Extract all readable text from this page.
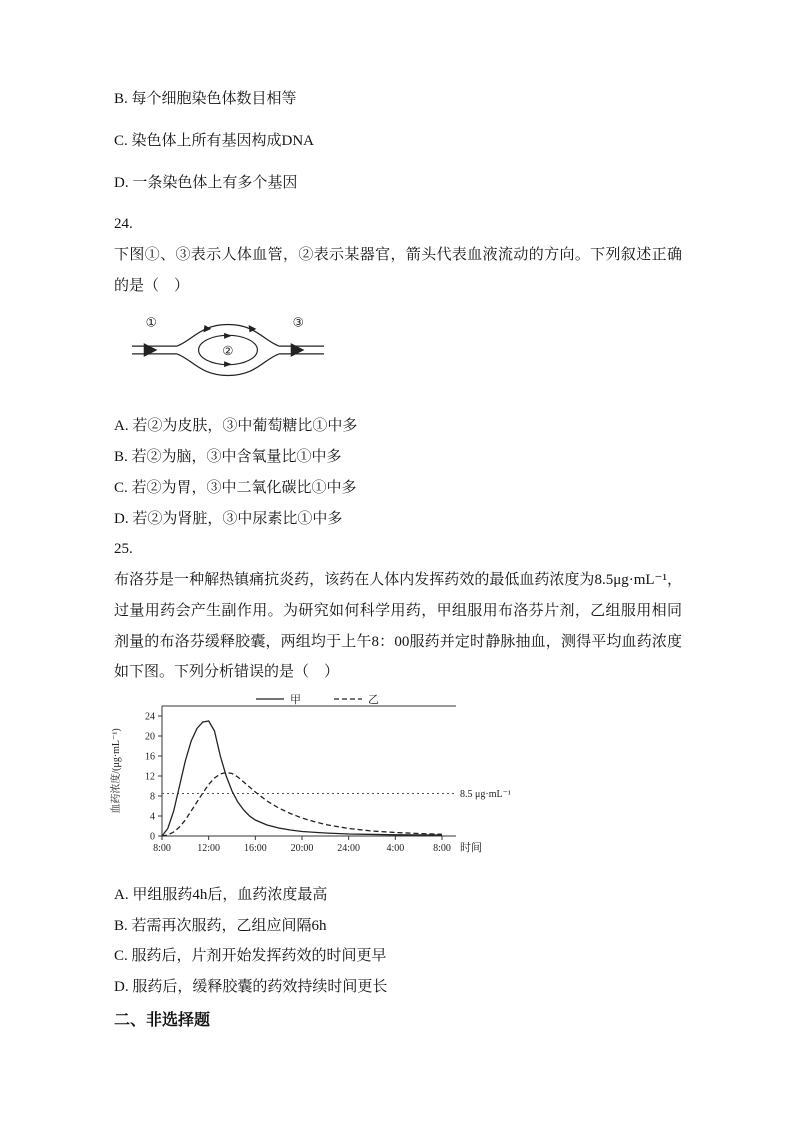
B. 每个细胞染色体数目相等

C. 染色体上所有基因构成DNA

D. 一条染色体上有多个基因

24.

下图①、③表示人体血管，②表示某器官，箭头代表血液流动的方向。下列叙述正确的是（　）

①
②
③

A. 若②为皮肤，③中葡萄糖比①中多

B. 若②为脑，③中含氧量比①中多

C. 若②为胃，③中二氧化碳比①中多

D. 若②为肾脏，③中尿素比①中多

25.

布洛芬是一种解热镇痛抗炎药，该药在人体内发挥药效的最低血药浓度为8.5μg·mL⁻¹，过量用药会产生副作用。为研究如何科学用药，甲组服用布洛芬片剂，乙组服用相同剂量的布洛芬缓释胶囊，两组均于上午8：00服药并定时静脉抽血，测得平均血药浓度如下图。下列分析错误的是（　）

0
4
8
12
16
20
24
8:00	12:00 16:00 20:00 24:00	4:00	8:00 时间
血药浓度/(μg·mL⁻¹)	8.5 μg·mL⁻¹
甲	乙

A. 甲组服药4h后，血药浓度最高

B. 若需再次服药，乙组应间隔6h

C. 服药后，片剂开始发挥药效的时间更早

D. 服药后，缓释胶囊的药效持续时间更长

二、非选择题
